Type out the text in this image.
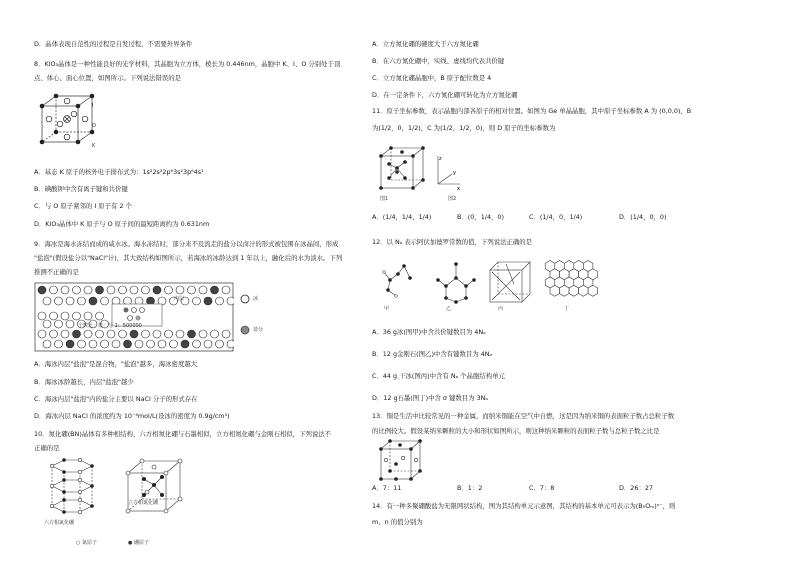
D．晶体表现自范性的过程是自发过程，不需要外界条件
8．KIO₃晶体是一种性能良好的光学材料，其晶胞为立方体，棱长为 0.446nm，晶胞中 K、I、O 分别处于顶
点、体心、面心位置，如图所示。下列说法错误的是
I
O
K
A．基态 K 原子的核外电子排布式为：1s²2s²2p⁶3s²3p⁶4s¹
B．碘酸钾中含有离子键和共价键
C．与 O 原子紧邻的 I 原子有 2 个
D．KIO₃晶体中 K 原子与 O 原子间的最短距离约为 0.631nm
9．海冰是海水冻结而成的咸水冰。海水冻结时，部分来不及流走的盐分以卤汁的形式被包围在冰晶间，形成
"盐泡"(假设盐分以"NaCl"计)，其大致结构如图所示，若海冰的冰龄达到 1 年以上，融化后的水为淡水。下列
推测不正确的是
内层
个数比：盐：分 1：500000
冰
盐分
A．海冰内层"盐泡"是混合物，"盐泡"越多，海冰密度越大
B．海冰冰龄越长，内层"盐泡"越少
C．海冰内层"盐泡"内的盐分主要以 NaCl 分子的形式存在
D．海冰内层 NaCl 的浓度约为 10⁻⁴mol/L(设冰的密度为 0.9g/cm³)
10．氮化硼(BN)晶体有多种相结构，六方相氮化硼与石墨相似，立方相氮化硼与金刚石相似，下列说法不
正确的是
六方相氮化硼
立方相氮化硼
○ 氮原子	● 硼原子
A．立方氮化硼的硬度大于六方氮化硼
B．在六方氮化硼中，实线、虚线均代表共价键
C．立方氮化硼晶胞中，B 原子配位数是 4
D．在一定条件下，六方氮化硼可转化为立方氮化硼
11．原子坐标参数，表示晶胞内部各原子的相对位置。如图为 Ge 单晶晶胞，其中原子坐标参数 A 为 (0,0,0)，B
为(1/2，0，1/2)，C 为(1/2，1/2，0)，则 D 原子的坐标参数为
图1
z
x
y
图2
A．(1/4，1/4，1/4)	B．(0，1/4，0)	C．(1/4，0，1/4)	D．(1/4，0，0)
12．以 Nₐ 表示阿伏加德罗常数的值，下列说法正确的是
甲	乙	丙	丁
A．36 g冰(图甲)中含共价键数目为 4Nₐ
B．12 g金刚石(图乙)中含有键数目为 4Nₐ
C．44 g 干冰(图丙)中含有 Nₐ 个晶胞结构单元
D．12 g石墨(图丁)中含 σ 键数目为 3Nₐ
13．铜是生活中比较常见的一种金属，而纳米铜能在空气中自燃，这是因为纳米铜的表面粒子数占总粒子数
的比例较大。假设某纳米颗粒的大小和形状如图所示，则这种纳米颗粒的表面粒子数与总粒子数之比是
A．7：11	B．1：2	C．7：8	D．26：27
14．有一种多聚硼酸盐为无限网状结构，图为其结构单元示意图，其结构的基本单元可表示为(B₅Oₘ)ⁿ⁻，则
m、n 的值分别为
